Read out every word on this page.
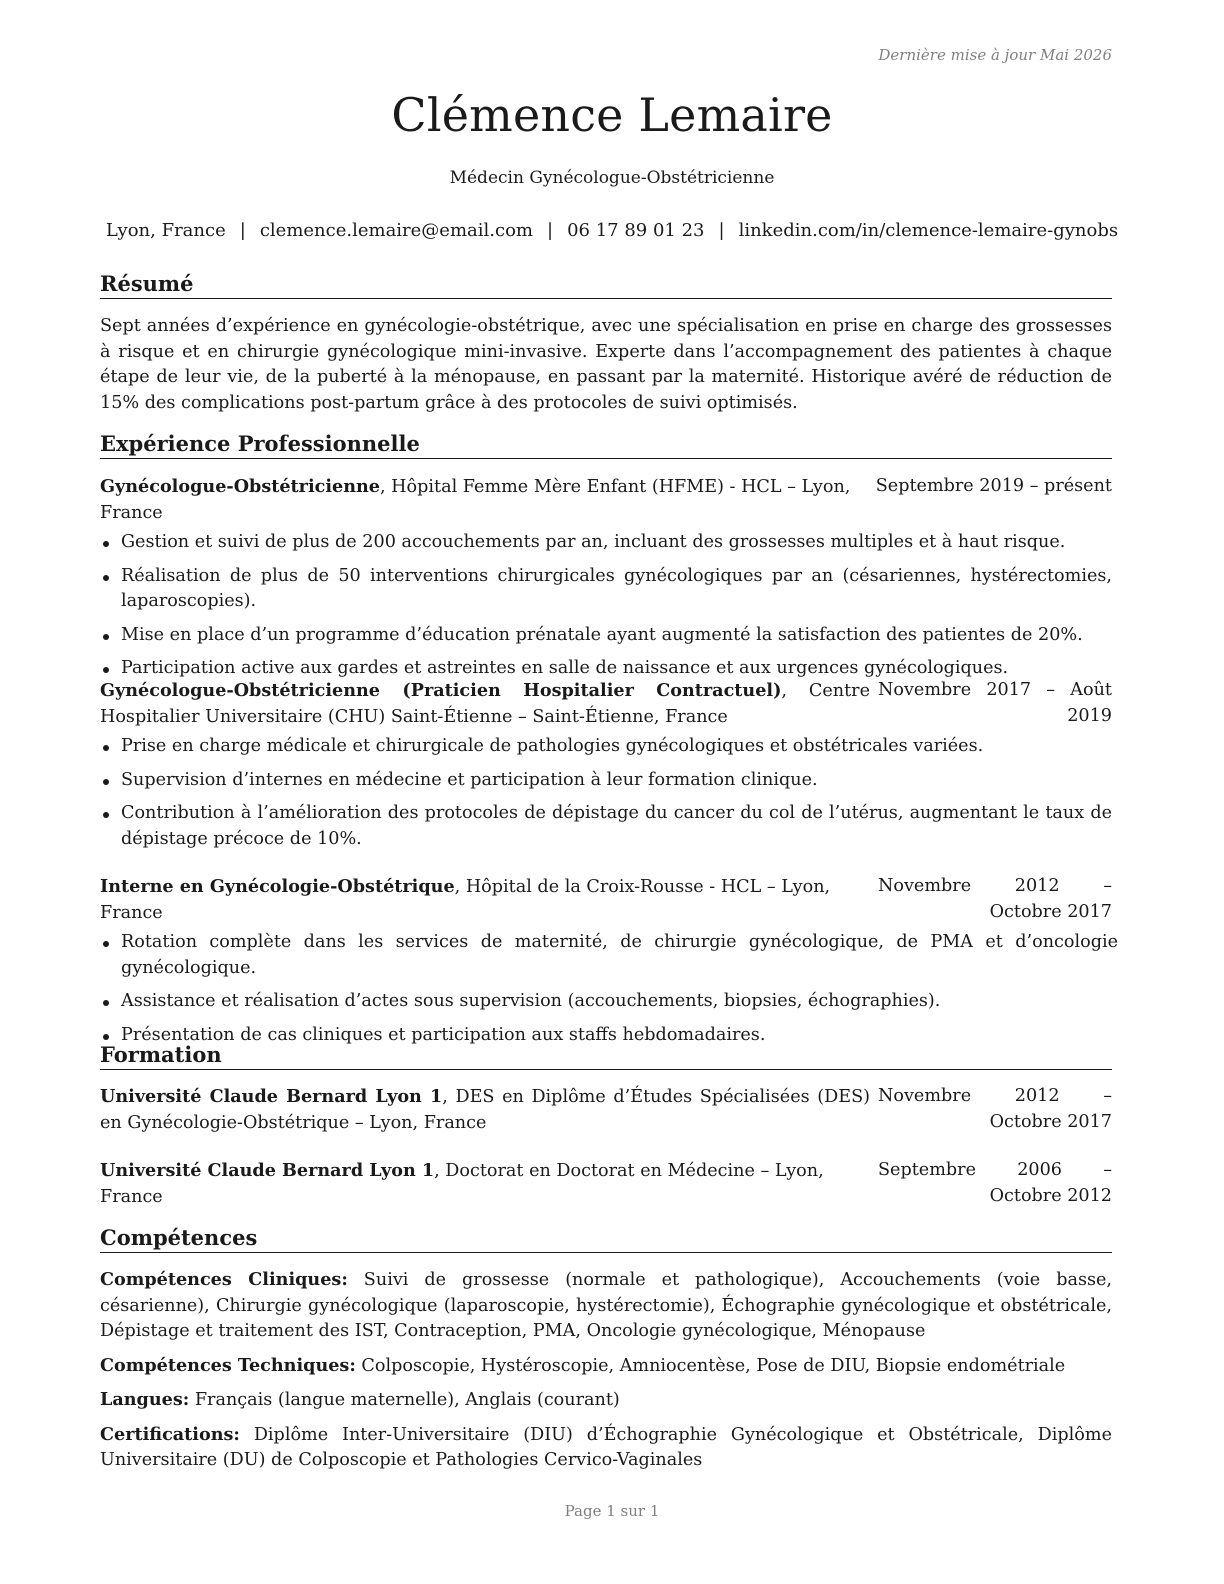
Dernière mise à jour Mai 2026
Clémence Lemaire
Médecin Gynécologue-Obstétricienne
Lyon, France | clemence.lemaire@email.com | 06 17 89 01 23 | linkedin.com/in/clemence-lemaire-gynobs
Résumé
Sept années d’expérience en gynécologie-obstétrique, avec une spécialisation en prise en charge des grossesses à risque et en chirurgie gynécologique mini-invasive. Experte dans l’accompagnement des patientes à chaque étape de leur vie, de la puberté à la ménopause, en passant par la maternité. Historique avéré de réduction de 15% des complications post-partum grâce à des protocoles de suivi optimisés.
Expérience Professionnelle
Gynécologue-Obstétricienne, Hôpital Femme Mère Enfant (HFME) - HCL – Lyon, France
Septembre 2019 – présent
Gestion et suivi de plus de 200 accouchements par an, incluant des grossesses multiples et à haut risque.
Réalisation de plus de 50 interventions chirurgicales gynécologiques par an (césariennes, hystérectomies, laparoscopies).
Mise en place d’un programme d’éducation prénatale ayant augmenté la satisfaction des patientes de 20%.
Participation active aux gardes et astreintes en salle de naissance et aux urgences gynécologiques.
Gynécologue-Obstétricienne (Praticien Hospitalier Contractuel), Centre Hospitalier Universitaire (CHU) Saint-Étienne – Saint-Étienne, France
Novembre 2017 – Août 2019
Prise en charge médicale et chirurgicale de pathologies gynécologiques et obstétricales variées.
Supervision d’internes en médecine et participation à leur formation clinique.
Contribution à l’amélioration des protocoles de dépistage du cancer du col de l’utérus, augmentant le taux de dépistage précoce de 10%.
Interne en Gynécologie-Obstétrique, Hôpital de la Croix-Rousse - HCL – Lyon, France
Novembre 2012 – Octobre 2017
Rotation complète dans les services de maternité, de chirurgie gynécologique, de PMA et d’oncologie gynécologique.
Assistance et réalisation d’actes sous supervision (accouchements, biopsies, échographies).
Présentation de cas cliniques et participation aux staffs hebdomadaires.
Formation
Université Claude Bernard Lyon 1, DES en Diplôme d’Études Spécialisées (DES) en Gynécologie-Obstétrique – Lyon, France
Novembre 2012 – Octobre 2017
Université Claude Bernard Lyon 1, Doctorat en Doctorat en Médecine – Lyon, France
Septembre 2006 – Octobre 2012
Compétences
Compétences Cliniques: Suivi de grossesse (normale et pathologique), Accouchements (voie basse, césarienne), Chirurgie gynécologique (laparoscopie, hystérectomie), Échographie gynécologique et obstétricale, Dépistage et traitement des IST, Contraception, PMA, Oncologie gynécologique, Ménopause
Compétences Techniques: Colposcopie, Hystéroscopie, Amniocentèse, Pose de DIU, Biopsie endométriale
Langues: Français (langue maternelle), Anglais (courant)
Certifications: Diplôme Inter-Universitaire (DIU) d’Échographie Gynécologique et Obstétricale, Diplôme Universitaire (DU) de Colposcopie et Pathologies Cervico-Vaginales
Page 1 sur 1
